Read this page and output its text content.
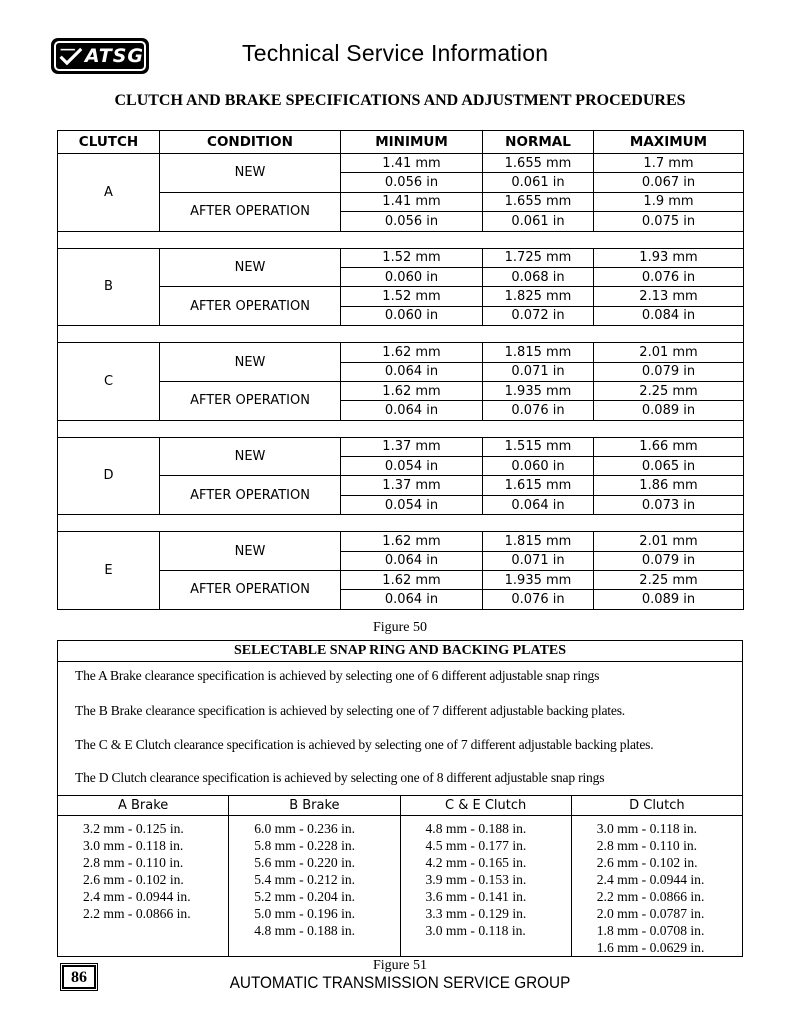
ATSG	Technical Service Information
CLUTCH AND BRAKE SPECIFICATIONS AND ADJUSTMENT PROCEDURES
CLUTCH	CONDITION	MINIMUM	NORMAL	MAXIMUM
A	NEW	1.41 mm	1.655 mm	1.7 mm
		0.056 in	0.061 in	0.067 in
	AFTER OPERATION	1.41 mm	1.655 mm	1.9 mm
		0.056 in	0.061 in	0.075 in

B	NEW	1.52 mm	1.725 mm	1.93 mm
		0.060 in	0.068 in	0.076 in
	AFTER OPERATION	1.52 mm	1.825 mm	2.13 mm
		0.060 in	0.072 in	0.084 in

C	NEW	1.62 mm	1.815 mm	2.01 mm
		0.064 in	0.071 in	0.079 in
	AFTER OPERATION	1.62 mm	1.935 mm	2.25 mm
		0.064 in	0.076 in	0.089 in

D	NEW	1.37 mm	1.515 mm	1.66 mm
		0.054 in	0.060 in	0.065 in
	AFTER OPERATION	1.37 mm	1.615 mm	1.86 mm
		0.054 in	0.064 in	0.073 in

E	NEW	1.62 mm	1.815 mm	2.01 mm
		0.064 in	0.071 in	0.079 in
	AFTER OPERATION	1.62 mm	1.935 mm	2.25 mm
		0.064 in	0.076 in	0.089 in
Figure 50
SELECTABLE SNAP RING AND BACKING PLATES
The A Brake clearance specification is achieved by selecting one of 6 different adjustable snap rings
The B Brake clearance specification is achieved by selecting one of 7 different adjustable backing plates.
The C & E Clutch clearance specification is achieved by selecting one of 7 different adjustable backing plates.
The D Clutch clearance specification is achieved by selecting one of 8 different adjustable snap rings
A Brake
3.2 mm - 0.125 in.
3.0 mm - 0.118 in.
2.8 mm - 0.110 in.
2.6 mm - 0.102 in.
2.4 mm - 0.0944 in.
2.2 mm - 0.0866 in.
B Brake
6.0 mm - 0.236 in.
5.8 mm - 0.228 in.
5.6 mm - 0.220 in.
5.4 mm - 0.212 in.
5.2 mm - 0.204 in.
5.0 mm - 0.196 in.
4.8 mm - 0.188 in.
C & E Clutch
4.8 mm - 0.188 in.
4.5 mm - 0.177 in.
4.2 mm - 0.165 in.
3.9 mm - 0.153 in.
3.6 mm - 0.141 in.
3.3 mm - 0.129 in.
3.0 mm - 0.118 in.
D Clutch
3.0 mm - 0.118 in.
2.8 mm - 0.110 in.
2.6 mm - 0.102 in.
2.4 mm - 0.0944 in.
2.2 mm - 0.0866 in.
2.0 mm - 0.0787 in.
1.8 mm - 0.0708 in.
1.6 mm - 0.0629 in.
Figure 51
86	AUTOMATIC TRANSMISSION SERVICE GROUP
